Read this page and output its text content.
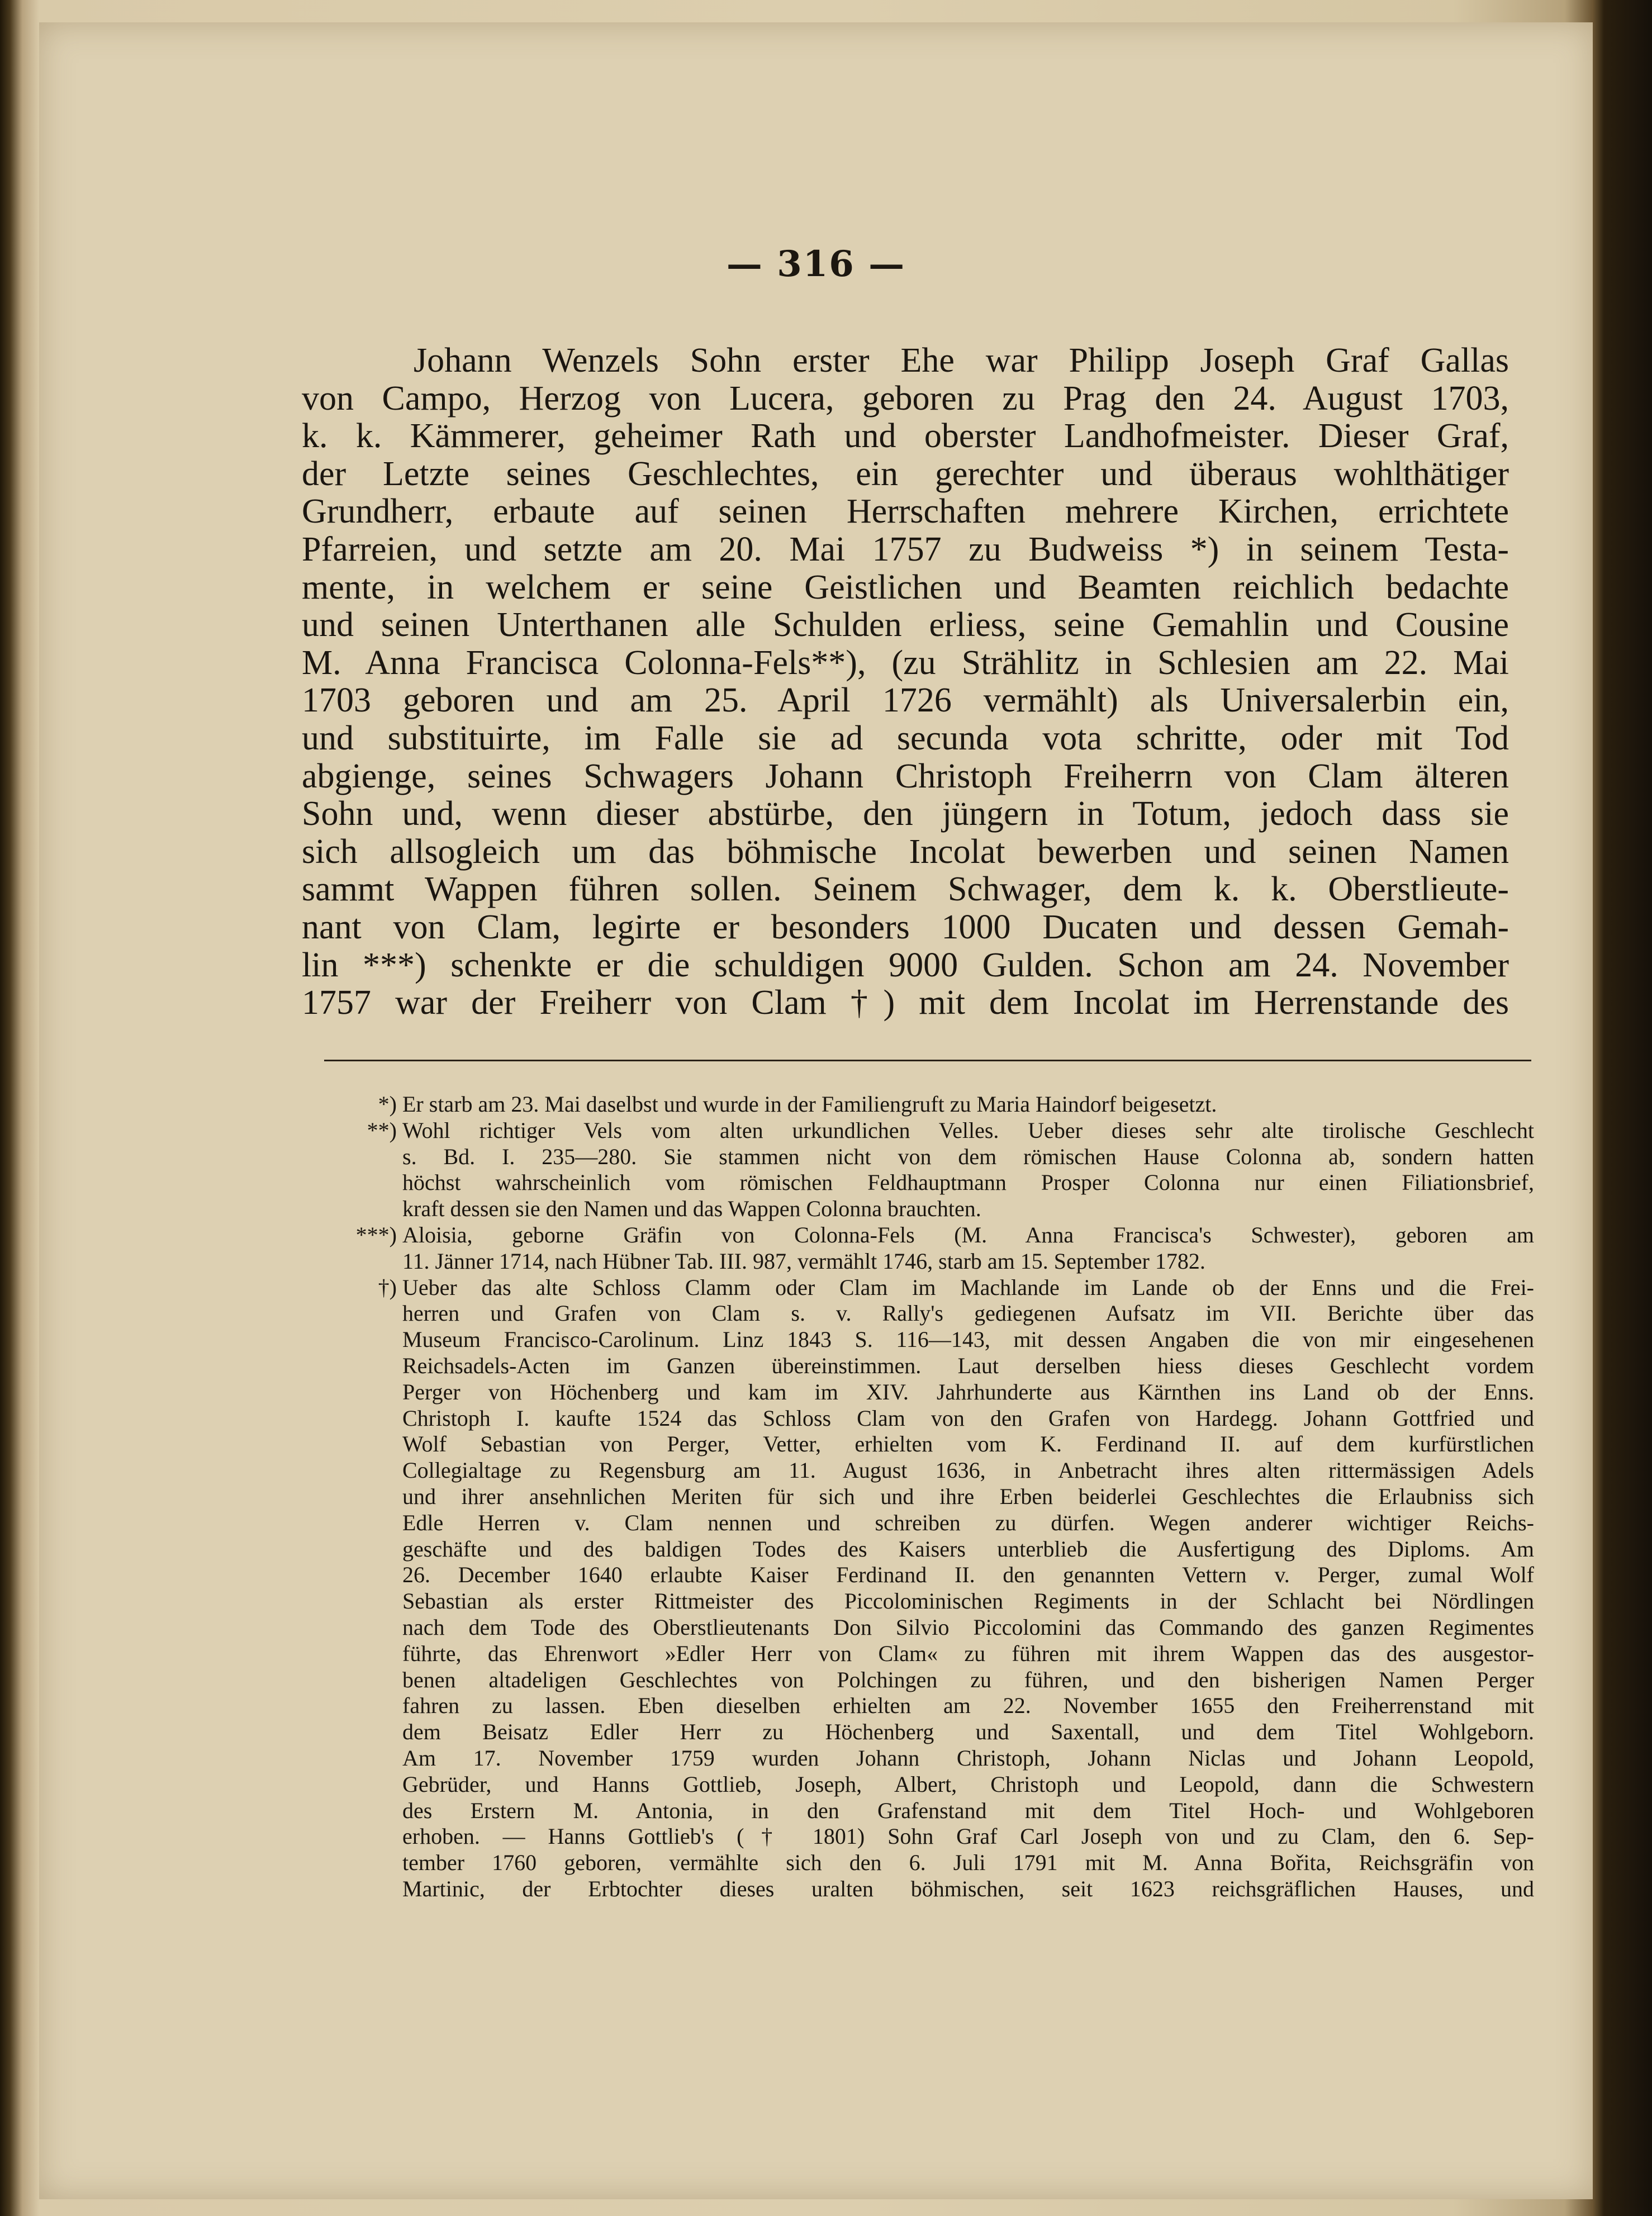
— 316 —
Johann Wenzels Sohn erster Ehe war Philipp Joseph Graf Gallas
von Campo, Herzog von Lucera, geboren zu Prag den 24. August 1703,
k. k. Kämmerer, geheimer Rath und oberster Landhofmeister. Dieser Graf,
der Letzte seines Geschlechtes, ein gerechter und überaus wohlthätiger
Grundherr, erbaute auf seinen Herrschaften mehrere Kirchen, errichtete
Pfarreien, und setzte am 20. Mai 1757 zu Budweiss *) in seinem Testa-
mente, in welchem er seine Geistlichen und Beamten reichlich bedachte
und seinen Unterthanen alle Schulden erliess, seine Gemahlin und Cousine
M. Anna Francisca Colonna-Fels**), (zu Strählitz in Schlesien am 22. Mai
1703 geboren und am 25. April 1726 vermählt) als Universalerbin ein,
und substituirte, im Falle sie ad secunda vota schritte, oder mit Tod
abgienge, seines Schwagers Johann Christoph Freiherrn von Clam älteren
Sohn und, wenn dieser abstürbe, den jüngern in Totum, jedoch dass sie
sich allsogleich um das böhmische Incolat bewerben und seinen Namen
sammt Wappen führen sollen. Seinem Schwager, dem k. k. Oberstlieute-
nant von Clam, legirte er besonders 1000 Ducaten und dessen Gemah-
lin ***) schenkte er die schuldigen 9000 Gulden. Schon am 24. November
1757 war der Freiherr von Clam †) mit dem Incolat im Herrenstande des
*) Er starb am 23. Mai daselbst und wurde in der Familiengruft zu Maria Haindorf beigesetzt.
**) Wohl richtiger Vels vom alten urkundlichen Velles. Ueber dieses sehr alte tirolische Geschlecht
s. Bd. I. 235—280. Sie stammen nicht von dem römischen Hause Colonna ab, sondern hatten
höchst wahrscheinlich vom römischen Feldhauptmann Prosper Colonna nur einen Filiationsbrief,
kraft dessen sie den Namen und das Wappen Colonna brauchten.
***) Aloisia, geborne Gräfin von Colonna-Fels (M. Anna Francisca's Schwester), geboren am
11. Jänner 1714, nach Hübner Tab. III. 987, vermählt 1746, starb am 15. September 1782.
†) Ueber das alte Schloss Clamm oder Clam im Machlande im Lande ob der Enns und die Frei-
herren und Grafen von Clam s. v. Rally's gediegenen Aufsatz im VII. Berichte über das
Museum Francisco-Carolinum. Linz 1843 S. 116—143, mit dessen Angaben die von mir eingesehenen
Reichsadels-Acten im Ganzen übereinstimmen. Laut derselben hiess dieses Geschlecht vordem
Perger von Höchenberg und kam im XIV. Jahrhunderte aus Kärnthen ins Land ob der Enns.
Christoph I. kaufte 1524 das Schloss Clam von den Grafen von Hardegg. Johann Gottfried und
Wolf Sebastian von Perger, Vetter, erhielten vom K. Ferdinand II. auf dem kurfürstlichen
Collegialtage zu Regensburg am 11. August 1636, in Anbetracht ihres alten rittermässigen Adels
und ihrer ansehnlichen Meriten für sich und ihre Erben beiderlei Geschlechtes die Erlaubniss sich
Edle Herren v. Clam nennen und schreiben zu dürfen. Wegen anderer wichtiger Reichs-
geschäfte und des baldigen Todes des Kaisers unterblieb die Ausfertigung des Diploms. Am
26. December 1640 erlaubte Kaiser Ferdinand II. den genannten Vettern v. Perger, zumal Wolf
Sebastian als erster Rittmeister des Piccolominischen Regiments in der Schlacht bei Nördlingen
nach dem Tode des Oberstlieutenants Don Silvio Piccolomini das Commando des ganzen Regimentes
führte, das Ehrenwort »Edler Herr von Clam« zu führen mit ihrem Wappen das des ausgestor-
benen altadeligen Geschlechtes von Polchingen zu führen, und den bisherigen Namen Perger
fahren zu lassen. Eben dieselben erhielten am 22. November 1655 den Freiherrenstand mit
dem Beisatz Edler Herr zu Höchenberg und Saxentall, und dem Titel Wohlgeborn.
Am 17. November 1759 wurden Johann Christoph, Johann Niclas und Johann Leopold,
Gebrüder, und Hanns Gottlieb, Joseph, Albert, Christoph und Leopold, dann die Schwestern
des Erstern M. Antonia, in den Grafenstand mit dem Titel Hoch- und Wohlgeboren
erhoben. — Hanns Gottlieb's († 1801) Sohn Graf Carl Joseph von und zu Clam, den 6. Sep-
tember 1760 geboren, vermählte sich den 6. Juli 1791 mit M. Anna Bořita, Reichsgräfin von
Martinic, der Erbtochter dieses uralten böhmischen, seit 1623 reichsgräflichen Hauses, und
